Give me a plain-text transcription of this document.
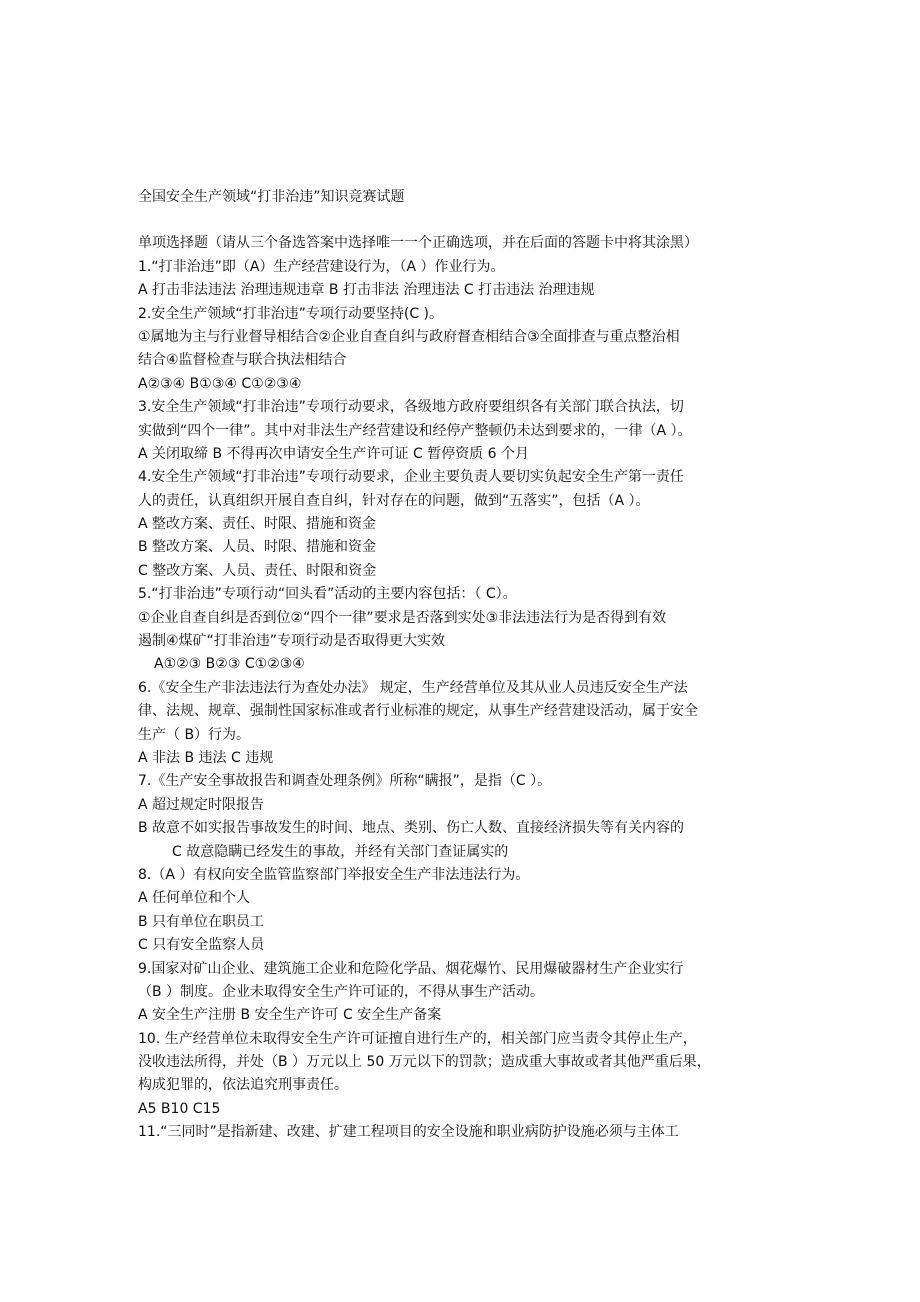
全国安全生产领域“打非治违”知识竞赛试题
单项选择题（请从三个备选答案中选择唯一一个正确选项，并在后面的答题卡中将其涂黑）
1.“打非治违”即（A）生产经营建设行为，（A ）作业行为。
A 打击非法违法 治理违规违章 B 打击非法 治理违法 C 打击违法 治理违规
2.安全生产领域“打非治违”专项行动要坚持(C )。
①属地为主与行业督导相结合②企业自查自纠与政府督查相结合③全面排查与重点整治相
结合④监督检查与联合执法相结合
A②③④ B①③④ C①②③④
3.安全生产领域“打非治违”专项行动要求，各级地方政府要组织各有关部门联合执法，切
实做到“四个一律”。其中对非法生产经营建设和经停产整顿仍未达到要求的，一律（A ）。
A 关闭取缔 B 不得再次申请安全生产许可证 C 暂停资质 6 个月
4.安全生产领域“打非治违”专项行动要求，企业主要负责人要切实负起安全生产第一责任
人的责任，认真组织开展自查自纠，针对存在的问题，做到“五落实”，包括（A ）。
A 整改方案、责任、时限、措施和资金
B 整改方案、人员、时限、措施和资金
C 整改方案、人员、责任、时限和资金
5.“打非治违”专项行动“回头看”活动的主要内容包括：（ C）。
①企业自查自纠是否到位②“四个一律”要求是否落到实处③非法违法行为是否得到有效
遏制④煤矿“打非治违”专项行动是否取得更大实效
A①②③ B②③ C①②③④
6.《安全生产非法违法行为查处办法》 规定，生产经营单位及其从业人员违反安全生产法
律、法规、规章、强制性国家标准或者行业标准的规定，从事生产经营建设活动，属于安全
生产（ B）行为。
A 非法 B 违法 C 违规
7.《生产安全事故报告和调查处理条例》所称“瞒报”，是指（C ）。
A 超过规定时限报告
B 故意不如实报告事故发生的时间、地点、类别、伤亡人数、直接经济损失等有关内容的
C 故意隐瞒已经发生的事故，并经有关部门查证属实的
8.（A ）有权向安全监管监察部门举报安全生产非法违法行为。
A 任何单位和个人
B 只有单位在职员工
C 只有安全监察人员
9.国家对矿山企业、建筑施工企业和危险化学品、烟花爆竹、民用爆破器材生产企业实行
（B ）制度。企业未取得安全生产许可证的，不得从事生产活动。
A 安全生产注册 B 安全生产许可 C 安全生产备案
10. 生产经营单位未取得安全生产许可证擅自进行生产的，相关部门应当责令其停止生产，
没收违法所得，并处（B ）万元以上 50 万元以下的罚款；造成重大事故或者其他严重后果，
构成犯罪的，依法追究刑事责任。
A5 B10 C15
11.“三同时”是指新建、改建、扩建工程项目的安全设施和职业病防护设施必须与主体工
